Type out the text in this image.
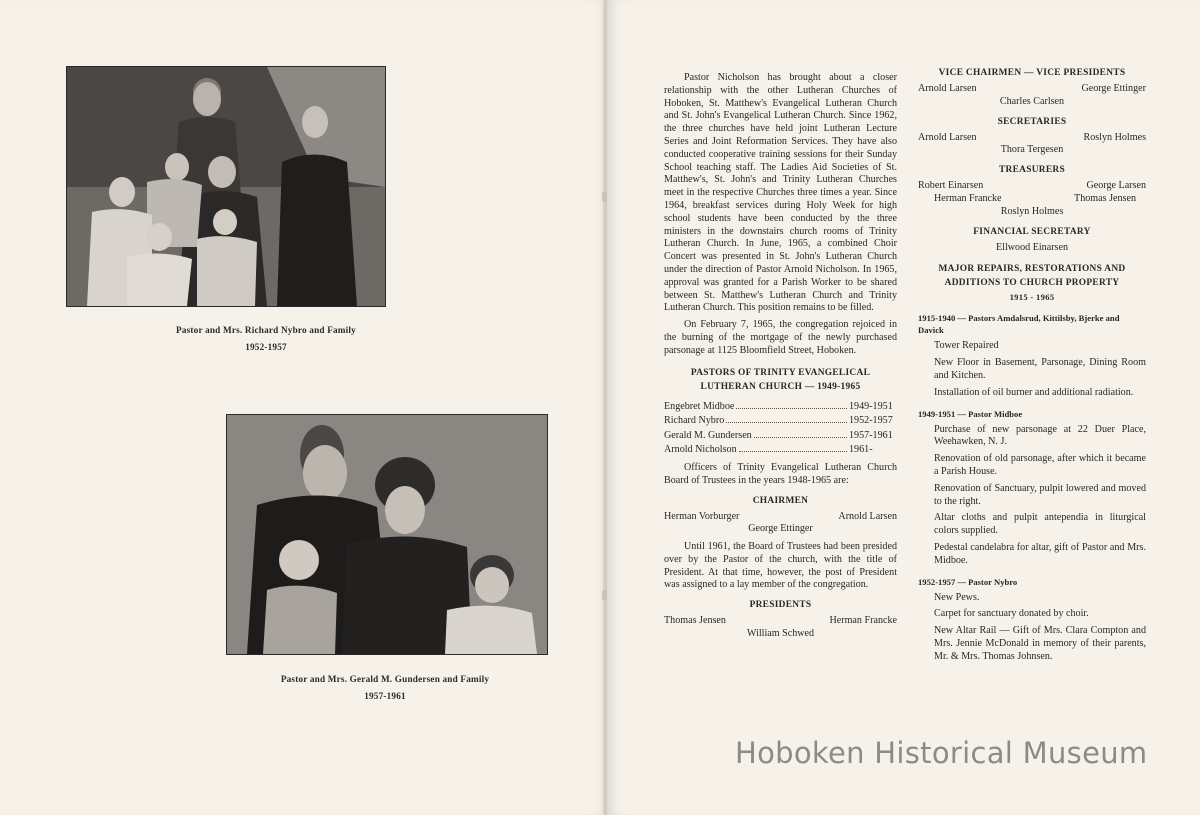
Pastor and Mrs. Richard Nybro and Family
1952-1957
Pastor and Mrs. Gerald M. Gundersen and Family
1957-1961

Pastor Nicholson has brought about a closer relationship with the other Lutheran Churches of Hoboken, St. Matthew's Evangelical Lutheran Church and St. John's Evangelical Lutheran Church. Since 1962, the three churches have held joint Lutheran Lecture Series and Joint Reformation Services. They have also conducted cooperative training sessions for their Sunday School teaching staff. The Ladies Aid Societies of St. Matthew's, St. John's and Trinity Lutheran Churches meet in the respective Churches three times a year. Since 1964, breakfast services during Holy Week for high school students have been conducted by the three ministers in the downstairs church rooms of Trinity Lutheran Church. In June, 1965, a combined Choir Concert was presented in St. John's Lutheran Church under the direction of Pastor Arnold Nicholson. In 1965, approval was granted for a Parish Worker to be shared between St. Matthew's Lutheran Church and Trinity Lutheran Church. This position remains to be filled.

On February 7, 1965, the congregation rejoiced in the burning of the mortgage of the newly purchased parsonage at 1125 Bloomfield Street, Hoboken.

PASTORS OF TRINITY EVANGELICAL
LUTHERAN CHURCH — 1949-1965
Engebret Midboe	1949-1951
Richard Nybro	1952-1957
Gerald M. Gundersen	1957-1961
Arnold Nicholson	1961-

Officers of Trinity Evangelical Lutheran Church Board of Trustees in the years 1948-1965 are:

CHAIRMEN
Herman Vorburger	Arnold Larsen
George Ettinger

Until 1961, the Board of Trustees had been presided over by the Pastor of the church, with the title of President. At that time, however, the post of President was assigned to a lay member of the congregation.

PRESIDENTS
Thomas Jensen	Herman Francke
William Schwed
VICE CHAIRMEN — VICE PRESIDENTS
Arnold Larsen	George Ettinger
Charles Carlsen
SECRETARIES
Arnold Larsen	Roslyn Holmes
Thora Tergesen
TREASURERS
Robert Einarsen	George Larsen
Herman Francke	Thomas Jensen
Roslyn Holmes
FINANCIAL SECRETARY
Ellwood Einarsen
MAJOR REPAIRS, RESTORATIONS AND
ADDITIONS TO CHURCH PROPERTY
1915 - 1965
1915-1940 — Pastors Amdalsrud, Kittilsby, Bjerke and Davick
Tower Repaired
New Floor in Basement, Parsonage, Dining Room and Kitchen.
Installation of oil burner and additional radiation.
1949-1951 — Pastor Midboe
Purchase of new parsonage at 22 Duer Place, Weehawken, N. J.
Renovation of old parsonage, after which it became a Parish House.
Renovation of Sanctuary, pulpit lowered and moved to the right.
Altar cloths and pulpit antependia in liturgical colors supplied.
Pedestal candelabra for altar, gift of Pastor and Mrs. Midboe.
1952-1957 — Pastor Nybro
New Pews.
Carpet for sanctuary donated by choir.
New Altar Rail — Gift of Mrs. Clara Compton and Mrs. Jennie McDonald in memory of their parents, Mr. & Mrs. Thomas Johnsen.
Hoboken Historical Museum
